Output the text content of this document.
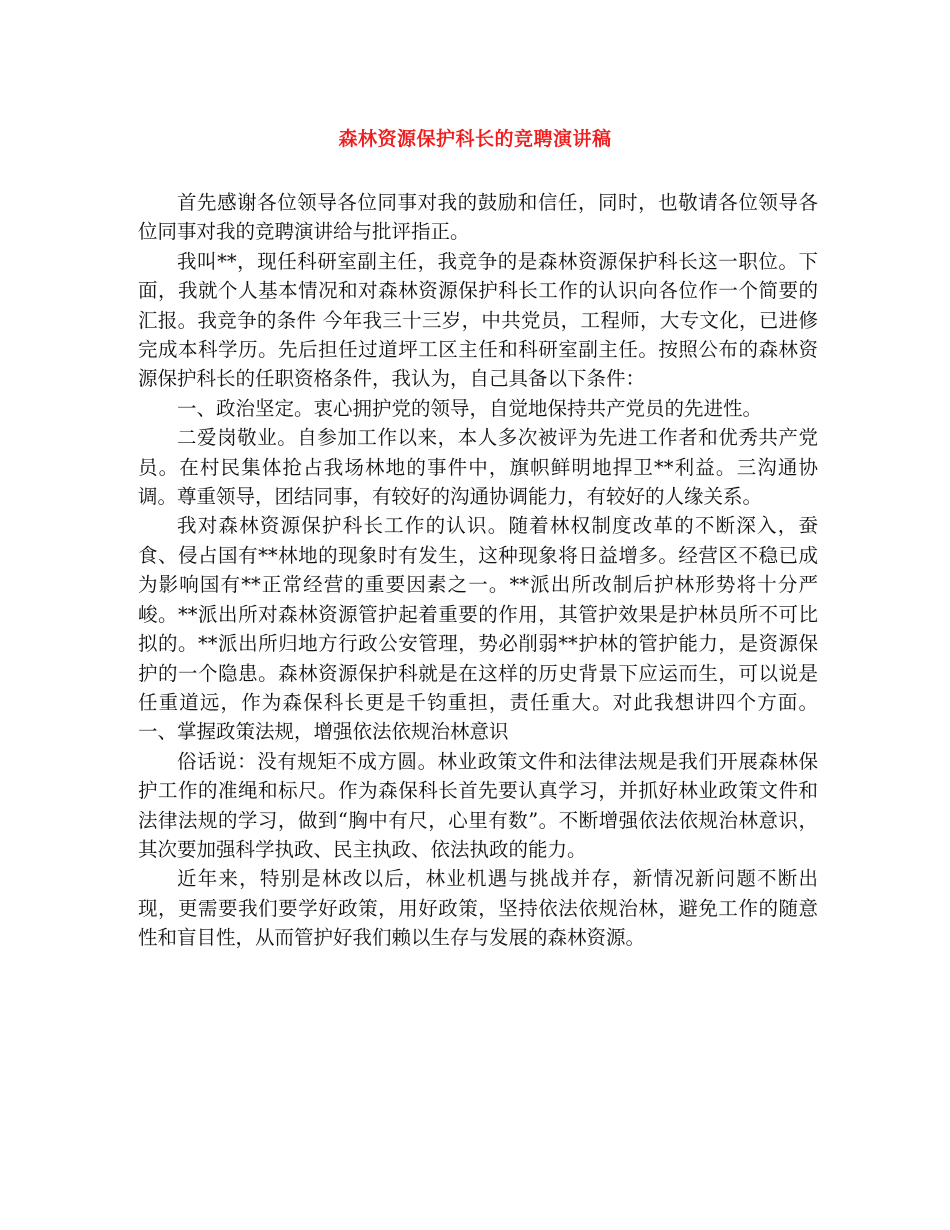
森林资源保护科长的竞聘演讲稿

首先感谢各位领导各位同事对我的鼓励和信任，同时，也敬请各位领导各位同事对我的竞聘演讲给与批评指正。

我叫**，现任科研室副主任，我竞争的是森林资源保护科长这一职位。下面，我就个人基本情况和对森林资源保护科长工作的认识向各位作一个简要的汇报。我竞争的条件 今年我三十三岁，中共党员，工程师，大专文化，已进修完成本科学历。先后担任过道坪工区主任和科研室副主任。按照公布的森林资源保护科长的任职资格条件，我认为，自己具备以下条件：

一、政治坚定。衷心拥护党的领导，自觉地保持共产党员的先进性。

二爱岗敬业。自参加工作以来，本人多次被评为先进工作者和优秀共产党员。在村民集体抢占我场林地的事件中，旗帜鲜明地捍卫**利益。三沟通协调。尊重领导，团结同事，有较好的沟通协调能力，有较好的人缘关系。

我对森林资源保护科长工作的认识。随着林权制度改革的不断深入，蚕食、侵占国有**林地的现象时有发生，这种现象将日益增多。经营区不稳已成为影响国有**正常经营的重要因素之一。**派出所改制后护林形势将十分严峻。**派出所对森林资源管护起着重要的作用，其管护效果是护林员所不可比拟的。**派出所归地方行政公安管理，势必削弱**护林的管护能力，是资源保护的一个隐患。森林资源保护科就是在这样的历史背景下应运而生，可以说是任重道远，作为森保科长更是千钧重担，责任重大。对此我想讲四个方面。 一、掌握政策法规，增强依法依规治林意识

俗话说：没有规矩不成方圆。林业政策文件和法律法规是我们开展森林保护工作的准绳和标尺。作为森保科长首先要认真学习，并抓好林业政策文件和法律法规的学习，做到“胸中有尺，心里有数”。不断增强依法依规治林意识，其次要加强科学执政、民主执政、依法执政的能力。

近年来，特别是林改以后，林业机遇与挑战并存，新情况新问题不断出现，更需要我们要学好政策，用好政策，坚持依法依规治林，避免工作的随意性和盲目性，从而管护好我们赖以生存与发展的森林资源。
